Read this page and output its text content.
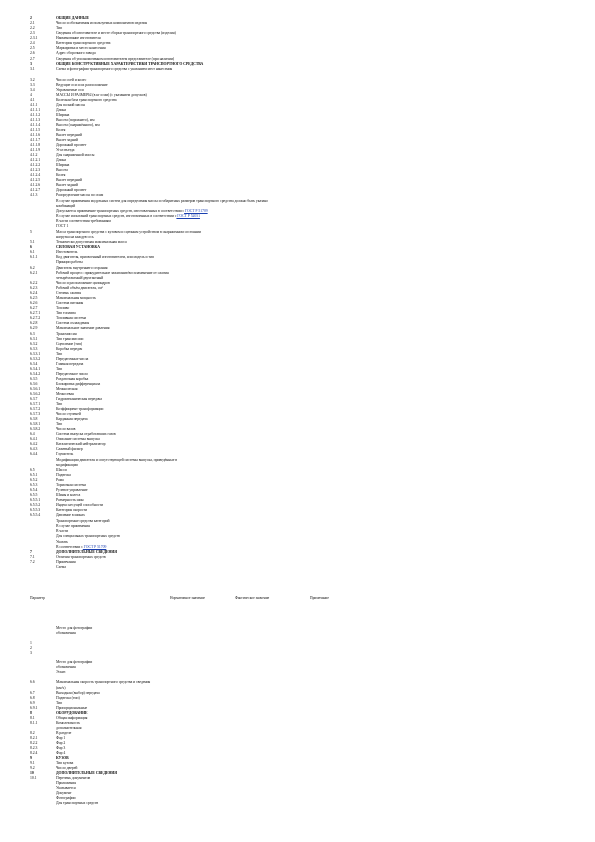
2	ОБЩИЕ ДАННЫЕ
2.1	Число и обозначения используемых компонентов изделия
2.2	Тип
2.3	Сведения об изготовителе и месте сборки транспортного средства (изделия)
2.3.1	Наименование изготовителя
2.4	Категория транспортного средства
2.5	Маркировка и место нанесения
2.6	Адрес сборочного завода
2.7	Сведения об уполномоченном изготовителем представителе (при наличии)
3	ОБЩИЕ КОНСТРУКТИВНЫЕ ХАРАКТЕРИСТИКИ ТРАНСПОРТНОГО СРЕДСТВА
3.1	Схема и фотографии транспортного средства с указанием мест нанесения
3.2	Число осей и колес
3.3	Ведущие оси и их расположение
3.4	Управляемые оси
4	МАССЫ И РАЗМЕРЫ (в кг и мм) (с указанием допусков)
4.1	Колесная база транспортного средства
4.1.1	Для полной массы
4.1.1.1	Длина
4.1.1.2	Ширина
4.1.1.3	Высота (порожнего), мм
4.1.1.4	Высота (снаряжённого), мм
4.1.1.5	Колея
4.1.1.6	Вылет передний
4.1.1.7	Вылет задний
4.1.1.8	Дорожный просвет
4.1.1.9	Угол въезда
4.1.2	Для снаряженной массы
4.1.2.1	Длина
4.1.2.2	Ширина
4.1.2.3	Высота
4.1.2.4	Колея
4.1.2.5	Вылет передний
4.1.2.6	Вылет задний
4.1.2.7	Дорожный просвет
4.1.3	Распределение массы по осям
В случае применения модульных систем для определения массы и габаритных размеров транспортного средства должно быть указано
комбинаций
Допускается применение транспортных средств, изготовленных в соответствии с ГОСТ Р 51709
В случае испытаний транспортных средств, изготовленных в соответствии с ГОСТ Р 52051
В части соответствия требованиям
ГОСТ 1
5	Масса транспортного средства с кузовом и сцепным устройством в снаряженном состоянии
нагрузка на каждую ось
5.1	Технически допустимая максимальная масса
6	СИЛОВАЯ УСТАНОВКА
6.1	Изготовитель
6.1.1	Код двигателя, присвоенный изготовителем, или модель и тип
Принцип работы
6.2	Двигатель внутреннего сгорания
6.2.1	Рабочий процесс: принудительное зажигание/воспламенение от сжатия
четырёхтактный/двухтактный
6.2.2	Число и расположение цилиндров
6.2.3	Рабочий объём двигателя, см³
6.2.4	Степень сжатия
6.2.5	Максимальная мощность
6.2.6	Система питания
6.2.7	Топливо
6.2.7.1	Тип топлива
6.2.7.2	Топливная система
6.2.8	Система охлаждения
6.2.9	Максимальное значение давления
6.3	Трансмиссия
6.3.1	Тип трансмиссии
6.3.2	Сцепление (тип)
6.3.3	Коробка передач
6.3.3.1	Тип
6.3.3.2	Передаточные числа
6.3.4	Главная передача
6.3.4.1	Тип
6.3.4.2	Передаточное число
6.3.5	Раздаточная коробка
6.3.6	Блокировка дифференциала
6.3.6.1	Межколесная
6.3.6.2	Межосевая
6.3.7	Гидромеханическая передача
6.3.7.1	Тип
6.3.7.2	Коэффициент трансформации
6.3.7.3	Число ступеней
6.3.8	Карданная передача
6.3.8.1	Тип
6.3.8.2	Число валов
6.4	Система выпуска отработавших газов
6.4.1	Описание системы выпуска
6.4.2	Каталитический нейтрализатор
6.4.3	Сажевый фильтр
6.4.4	Глушитель
Модификации двигателя и сопутствующей системы выпуска, приведённые в
модификации
6.5	Шасси
6.5.1	Подвеска
6.5.2	Рама
6.5.3	Тормозная система
6.5.4	Рулевое управление
6.5.5	Шины и колеса
6.5.5.1	Размерность шин
6.5.5.2	Индекс несущей способности
6.5.5.3	Категория скорости
6.5.5.4	Давление в шинах
Транспортные средства категорий
В случае применения
В части
Для специальных транспортных средств
Указать
В соответствии с ГОСТ Р 51709
7	ДОПОЛНИТЕЛЬНЫЕ СВЕДЕНИЯ
7.1	Отличия транспортных средств
7.2	Примечания
Схема
Параметр	Нормативное значение	Фактическое значение	Примечание
Место для фотографии
обозначения
1
2
3
Место для фотографии
обозначения
Эскиз
6.6	Максимальная скорость транспортного средства и сведения
(км/ч)
6.7	Выходная (выбор) передача
6.8	Подвеска (тип)
6.9	Тип
6.9.1	Пропорциональные
8	ОБОРУДОВАНИЕ
8.1	Общая информация
8.1.1	Комплектность
дополнительная
8.2	В разделе
8.2.1	Фар 1
8.2.2	Фар 2
8.2.3	Фар 3
8.2.4	Фар 4
9	КУЗОВ
9.1	Тип кузова
9.2	Число дверей
10	ДОПОЛНИТЕЛЬНЫЕ СВЕДЕНИЯ
10.1	Перечень документов
Приложения
Указывается
Документ
Фотографии
Для транспортных средств
